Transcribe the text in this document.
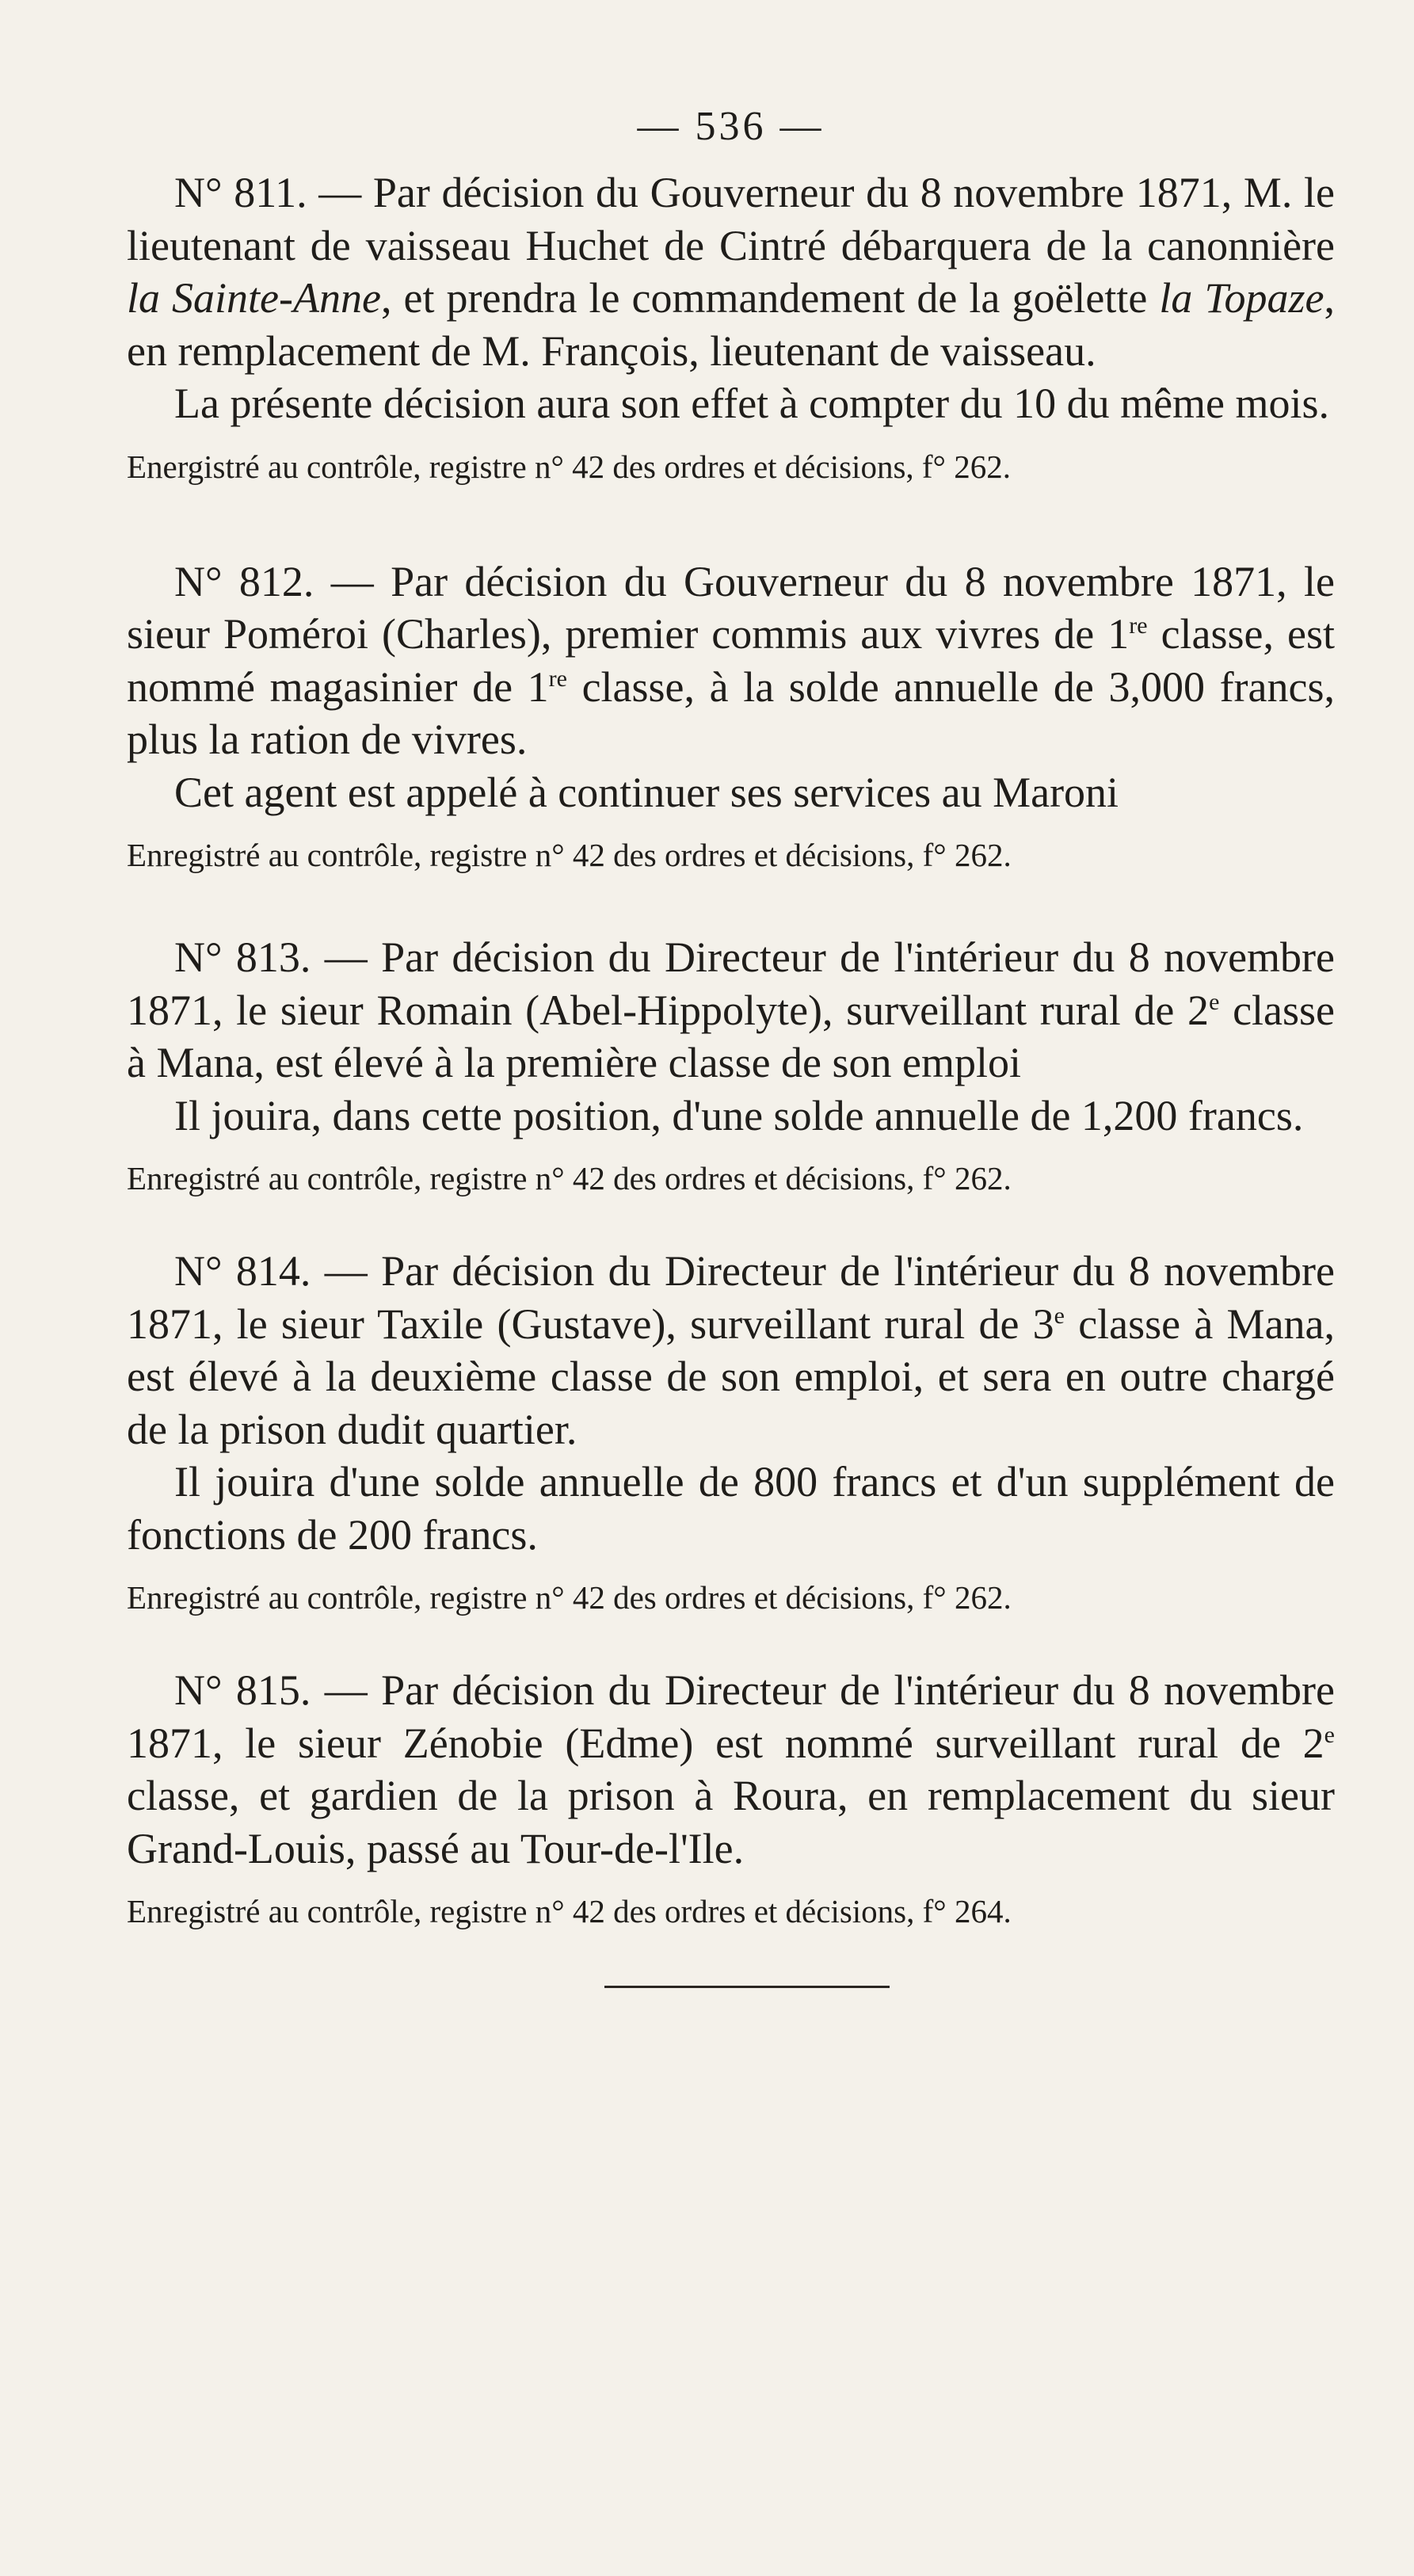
— 536 —

N° 811. — Par décision du Gouverneur du 8 novembre 1871, M. le lieutenant de vaisseau Huchet de Cintré débarquera de la canonnière la Sainte-Anne, et prendra le commandement de la goëlette la Topaze, en remplacement de M. François, lieutenant de vaisseau.

La présente décision aura son effet à compter du 10 du même mois.

Energistré au contrôle, registre n° 42 des ordres et décisions, f° 262.

N° 812. — Par décision du Gouverneur du 8 novembre 1871, le sieur Poméroi (Charles), premier commis aux vivres de 1re classe, est nommé magasinier de 1re classe, à la solde annuelle de 3,000 francs, plus la ration de vivres.

Cet agent est appelé à continuer ses services au Maroni

Enregistré au contrôle, registre n° 42 des ordres et décisions, f° 262.

N° 813. — Par décision du Directeur de l'intérieur du 8 novembre 1871, le sieur Romain (Abel-Hippolyte), surveillant rural de 2e classe à Mana, est élevé à la première classe de son emploi

Il jouira, dans cette position, d'une solde annuelle de 1,200 francs.

Enregistré au contrôle, registre n° 42 des ordres et décisions, f° 262.

N° 814. — Par décision du Directeur de l'intérieur du 8 novembre 1871, le sieur Taxile (Gustave), surveillant rural de 3e classe à Mana, est élevé à la deuxième classe de son emploi, et sera en outre chargé de la prison dudit quartier.

Il jouira d'une solde annuelle de 800 francs et d'un supplément de fonctions de 200 francs.

Enregistré au contrôle, registre n° 42 des ordres et décisions, f° 262.

N° 815. — Par décision du Directeur de l'intérieur du 8 novembre 1871, le sieur Zénobie (Edme) est nommé surveillant rural de 2e classe, et gardien de la prison à Roura, en remplacement du sieur Grand-Louis, passé au Tour-de-l'Ile.

Enregistré au contrôle, registre n° 42 des ordres et décisions, f° 264.
